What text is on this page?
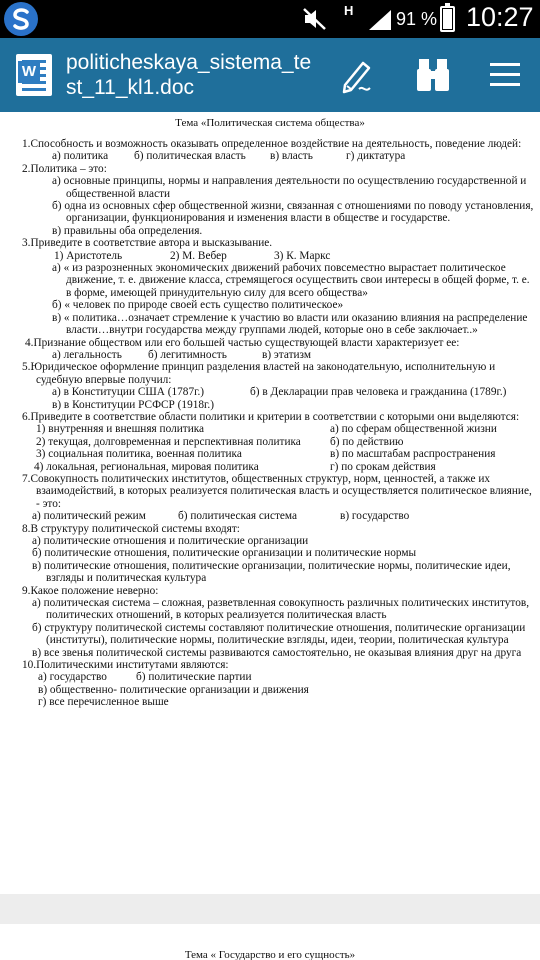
H 91 % 10:27
W politicheskaya_sistema_test_11_kl1.doc
Тема «Политическая система общества»
1.Способность и возможность оказывать определенное воздействие на деятельность, поведение людей:
а) политика	б) политическая власть	в) власть	г) диктатура
2.Политика – это:
а) основные принципы, нормы и направления деятельности по осуществлению государственной и общественной власти
б) одна из основных сфер общественной жизни, связанная с отношениями по поводу установления, организации, функционирования и изменения власти в обществе и государстве.
в) правильны оба определения.
3.Приведите в соответствие автора и высказывание.
1) Аристотель	2) М. Вебер	3) К. Маркс
а) « из разрозненных экономических движений рабочих повсеместно вырастает политическое движение, т. е. движение класса, стремящегося осуществить свои интересы в общей форме, т. е. в форме, имеющей принудительную силу для всего общества»
б) « человек по природе своей есть существо политическое»
в) « политика…означает стремление к участию во власти или оказанию влияния на распределение власти…внутри государства между группами людей, которые оно в себе заключает..»
4.Признание обществом или его большей частью существующей власти характеризует ее:
а) легальность	б) легитимность	в) этатизм
5.Юридическое оформление принцип разделения властей на законодательную, исполнительную и судебную впервые получил:
а) в Конституции США (1787г.)	б) в Декларации прав человека и гражданина (1789г.)
в) в Конституции РСФСР (1918г.)
6.Приведите в соответствие области политики и критерии в соответствии с которыми они выделяются:
1) внутренняя и внешняя политика	а) по сферам общественной жизни
2) текущая, долговременная и перспективная политика	б) по действию
3) социальная политика, военная политика	в) по масштабам распространения
4) локальная, региональная, мировая политика	г) по срокам действия
7.Совокупность политических институтов, общественных структур, норм, ценностей, а также их взаимодействий, в которых реализуется политическая власть и осуществляется политическое влияние, - это:
а) политический режим	б) политическая система	в) государство
8.В структуру политической системы входят:
а) политические отношения и политические организации
б) политические отношения, политические организации и политические нормы
в) политические отношения, политические организации, политические нормы, политические идеи, взгляды и политическая культура
9.Какое положение неверно:
а) политическая система – сложная, разветвленная совокупность различных политических институтов, политических отношений, в которых реализуется политическая власть
б) структуру политической системы составляют политические отношения, политические организации (институты), политические нормы, политические взгляды, идеи, теории, политическая культура
в) все звенья политической системы развиваются самостоятельно, не оказывая влияния друг на друга
10.Политическими институтами являются:
а) государство	б) политические партии
в) общественно- политические организации и движения
г) все перечисленное выше
Тема « Государство и его сущность»
